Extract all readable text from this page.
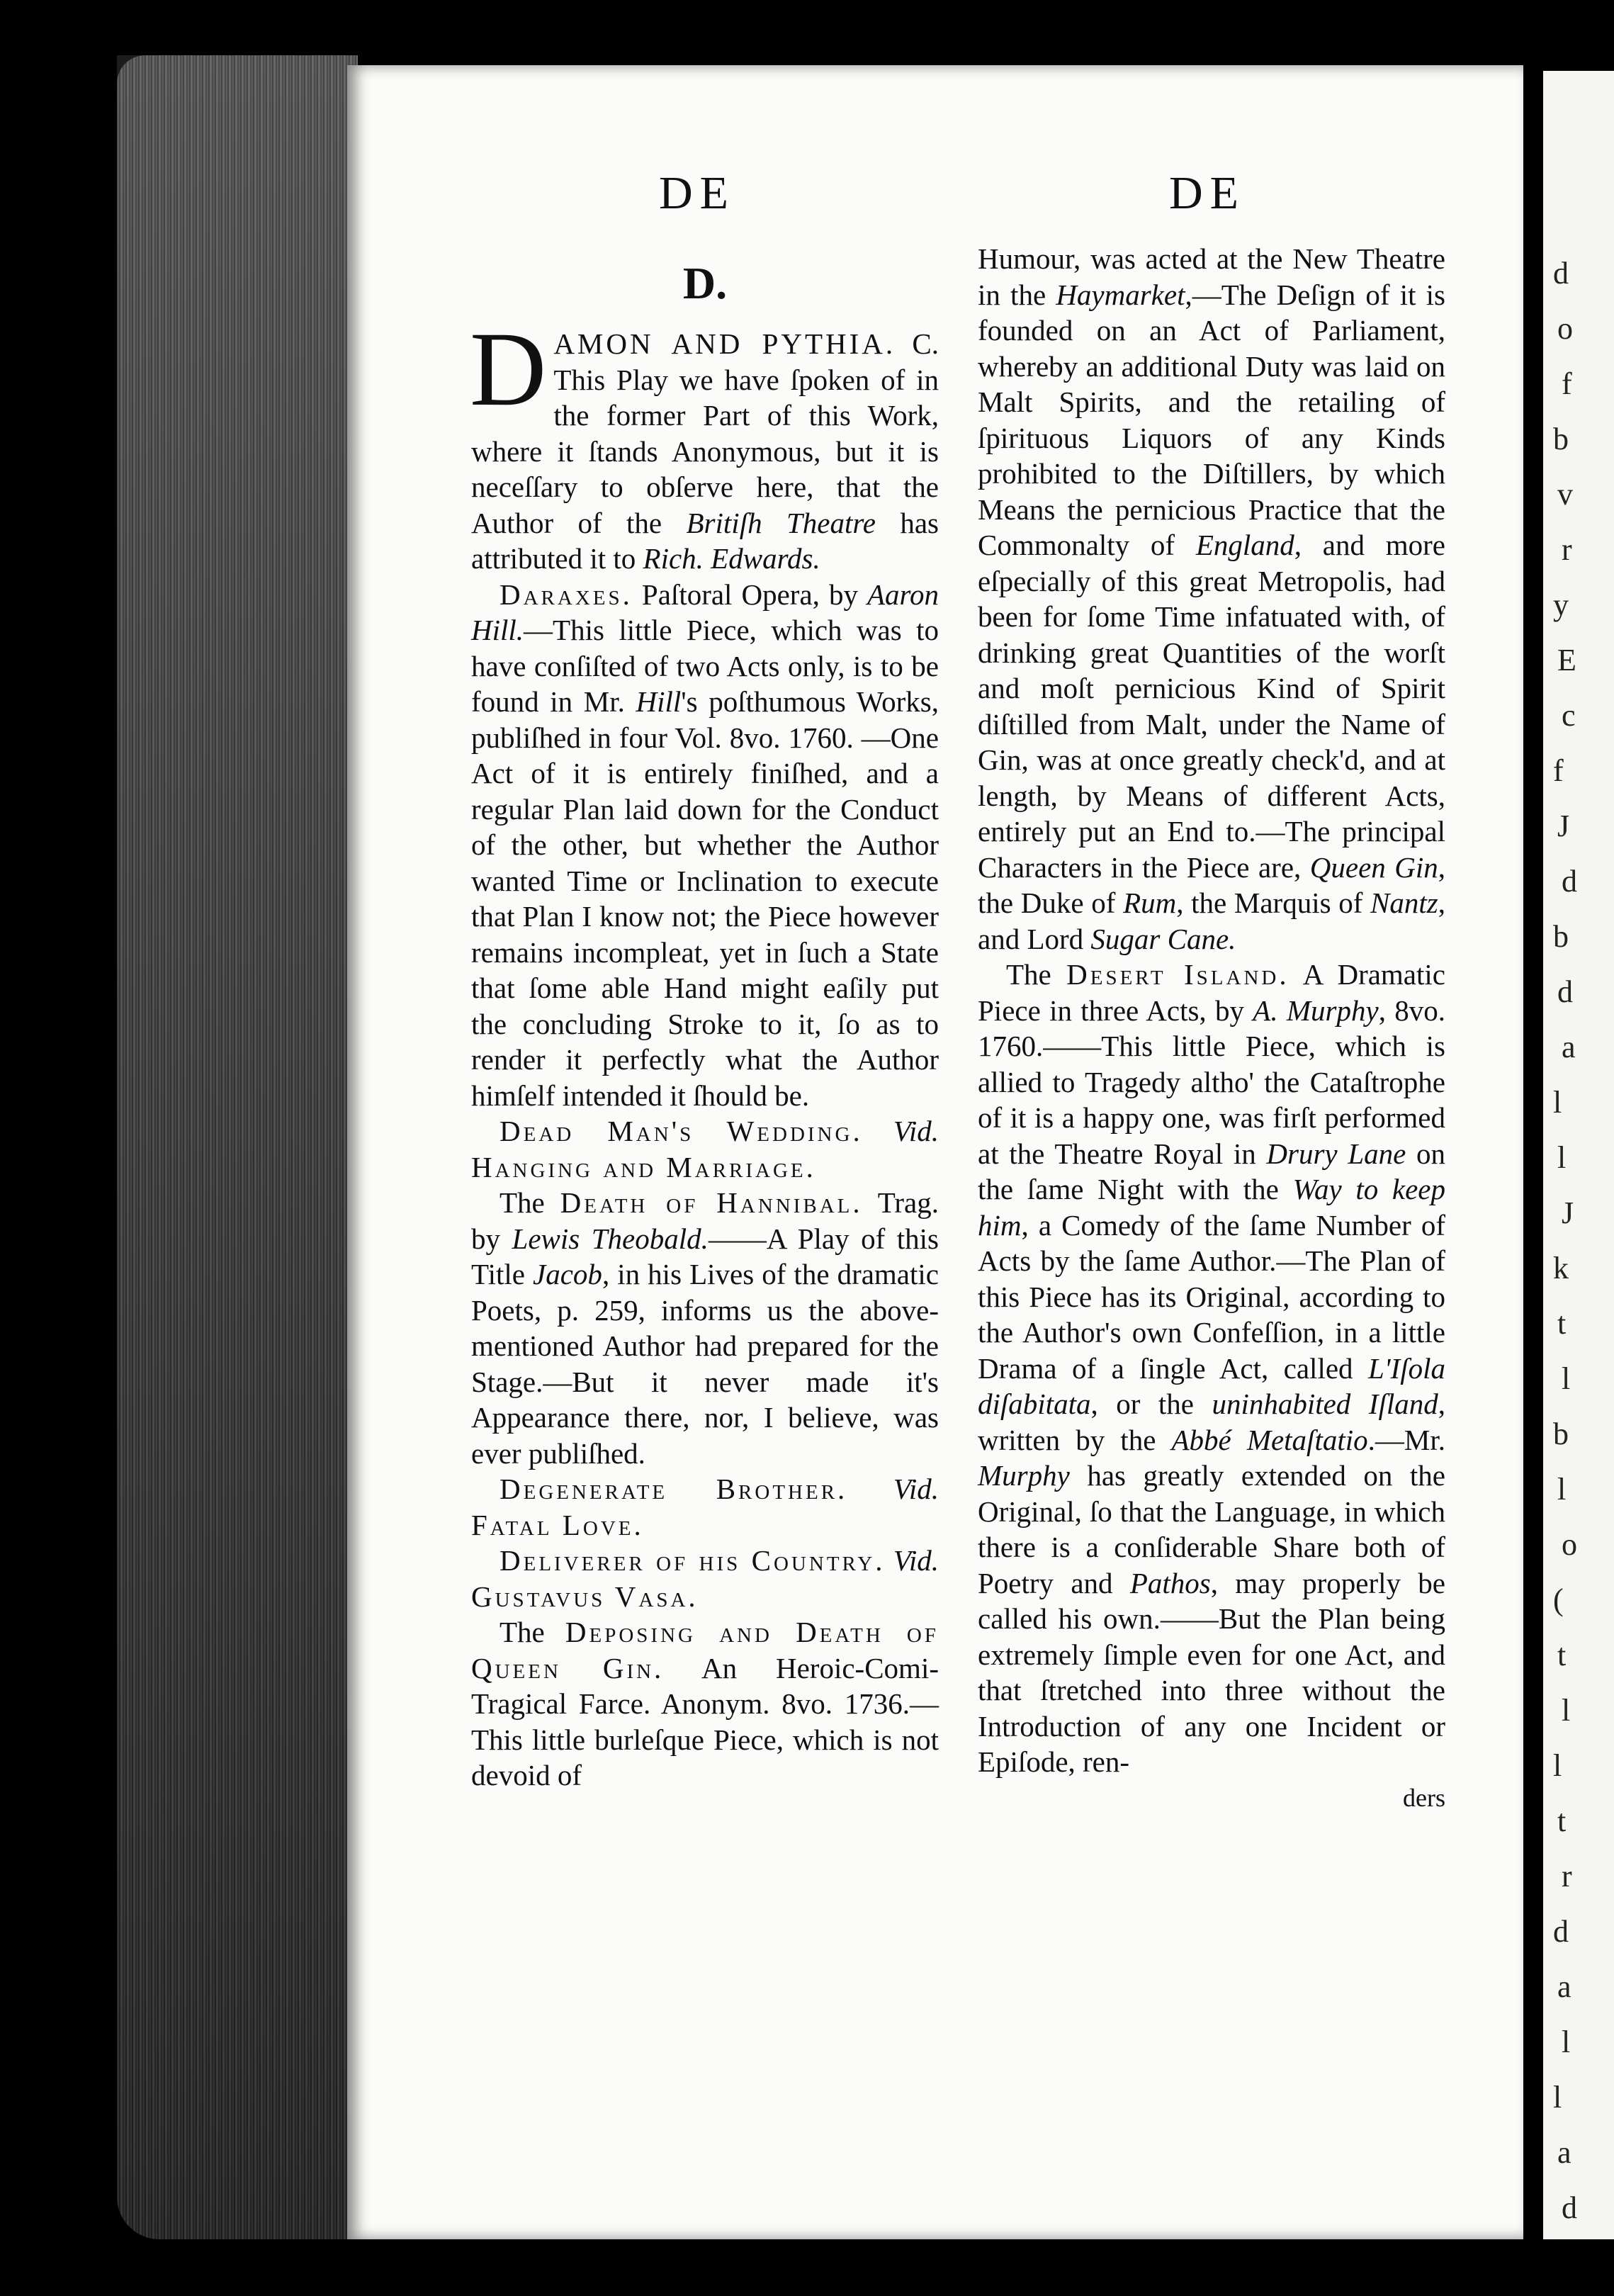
d
o
f
b
v
r
y
E
c
f
J
d
b
d
a
l
l
J
k
t
l
b
l
o
(
t
l
l
t
r
d
a
l
l
a
d
DE	DE
D.

DAMON AND PYTHIA. C. This Play we have ſpoken of in the former Part of this Work, where it ſtands Anonymous, but it is neceſſary to obſerve here, that the Author of the Britiſh Theatre has attributed it to Rich. Edwards.

Daraxes. Paſtoral Opera, by Aaron Hill.—This little Piece, which was to have conſiſted of two Acts only, is to be found in Mr. Hill's poſthumous Works, publiſhed in four Vol. 8vo. 1760. —One Act of it is entirely finiſhed, and a regular Plan laid down for the Conduct of the other, but whether the Author wanted Time or Inclination to execute that Plan I know not; the Piece however remains incompleat, yet in ſuch a State that ſome able Hand might eaſily put the concluding Stroke to it, ſo as to render it perfectly what the Author himſelf intended it ſhould be.

Dead Man's Wedding. Vid. Hanging and Marriage.

The Death of Hannibal. Trag. by Lewis Theobald.——A Play of this Title Jacob, in his Lives of the dramatic Poets, p. 259, informs us the above-mentioned Author had prepared for the Stage.—But it never made it's Appearance there, nor, I believe, was ever publiſhed.

Degenerate Brother. Vid. Fatal Love.

Deliverer of his Country. Vid. Gustavus Vasa.

The Deposing and Death of Queen Gin. An Heroic-Comi-Tragical Farce. Anonym. 8vo. 1736.—This little burleſque Piece, which is not devoid of

Humour, was acted at the New Theatre in the Haymarket,—The Deſign of it is founded on an Act of Parliament, whereby an additional Duty was laid on Malt Spirits, and the retailing of ſpirituous Liquors of any Kinds prohibited to the Diſtillers, by which Means the pernicious Practice that the Commonalty of England, and more eſpecially of this great Metropolis, had been for ſome Time infatuated with, of drinking great Quantities of the worſt and moſt pernicious Kind of Spirit diſtilled from Malt, under the Name of Gin, was at once greatly check'd, and at length, by Means of different Acts, entirely put an End to.—The principal Characters in the Piece are, Queen Gin, the Duke of Rum, the Marquis of Nantz, and Lord Sugar Cane.

The Desert Island. A Dramatic Piece in three Acts, by A. Murphy, 8vo. 1760.——This little Piece, which is allied to Tragedy altho' the Cataſtrophe of it is a happy one, was firſt performed at the Theatre Royal in Drury Lane on the ſame Night with the Way to keep him, a Comedy of the ſame Number of Acts by the ſame Author.—The Plan of this Piece has its Original, according to the Author's own Confeſſion, in a little Drama of a ſingle Act, called L'Iſola diſabitata, or the uninhabited Iſland, written by the Abbé Metaſtatio.—Mr. Murphy has greatly extended on the Original, ſo that the Language, in which there is a conſiderable Share both of Poetry and Pathos, may properly be called his own.——But the Plan being extremely ſimple even for one Act, and that ſtretched into three without the Introduction of any one Incident or Epiſode, ren-

ders
